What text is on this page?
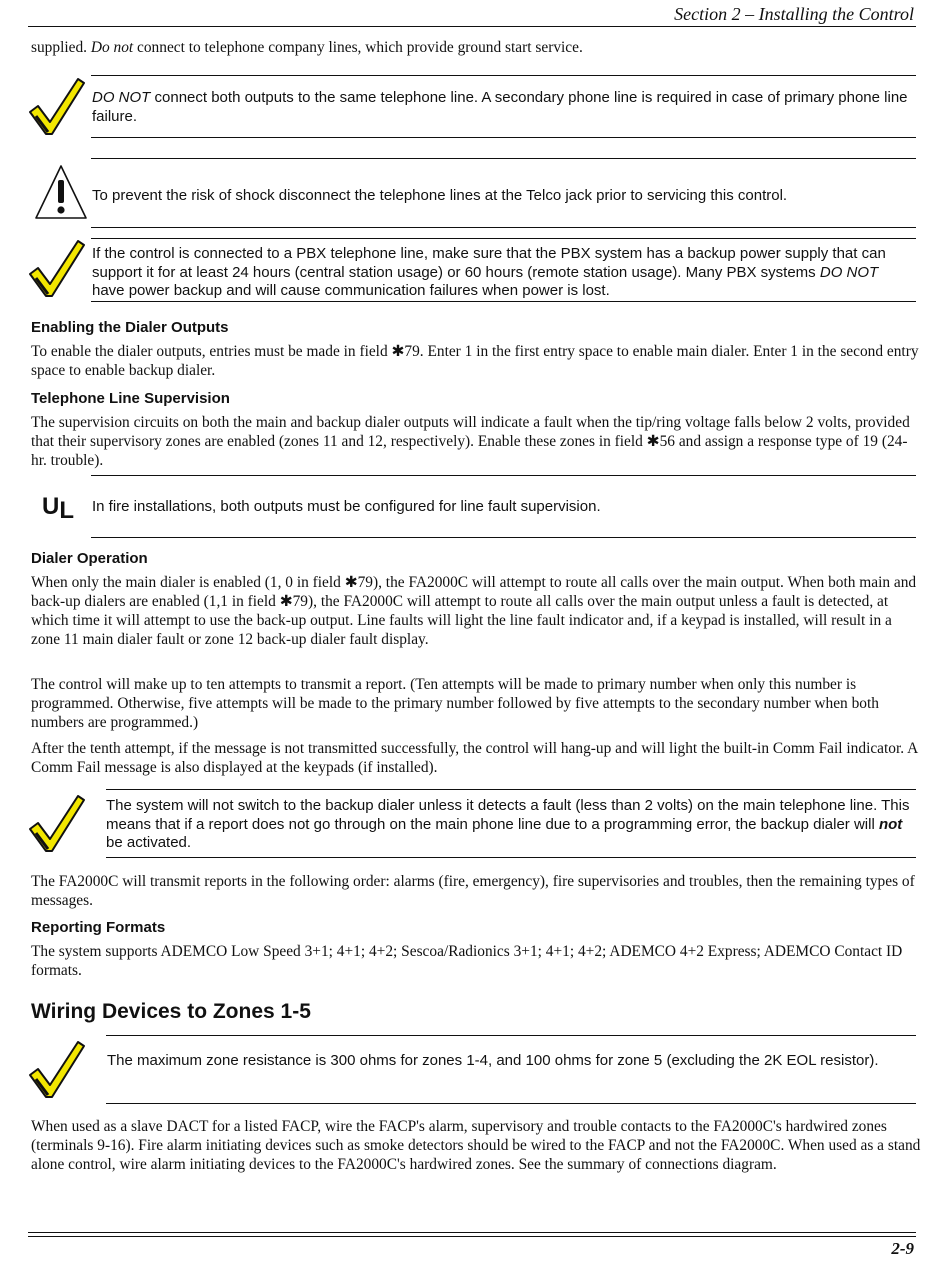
Section 2 – Installing the Control
supplied. Do not connect to telephone company lines, which provide ground start service.
DO NOT connect both outputs to the same telephone line. A secondary phone line is required in case of primary phone line failure.
To prevent the risk of shock disconnect the telephone lines at the Telco jack prior to servicing this control.
If the control is connected to a PBX telephone line, make sure that the PBX system has a backup power supply that can support it for at least 24 hours (central station usage) or 60 hours (remote station usage). Many PBX systems DO NOT have power backup and will cause communication failures when power is lost.
Enabling the Dialer Outputs
To enable the dialer outputs, entries must be made in field ✱79. Enter 1 in the first entry space to enable main dialer. Enter 1 in the second entry space to enable backup dialer.
Telephone Line Supervision
The supervision circuits on both the main and backup dialer outputs will indicate a fault when the tip/ring voltage falls below 2 volts, provided that their supervisory zones are enabled (zones 11 and 12, respectively). Enable these zones in field ✱56 and assign a response type of 19 (24-hr. trouble).
UL In fire installations, both outputs must be configured for line fault supervision.
Dialer Operation
When only the main dialer is enabled (1, 0 in field ✱79), the FA2000C will attempt to route all calls over the main output. When both main and back-up dialers are enabled (1,1 in field ✱79), the FA2000C will attempt to route all calls over the main output unless a fault is detected, at which time it will attempt to use the back-up output. Line faults will light the line fault indicator and, if a keypad is installed, will result in a zone 11 main dialer fault or zone 12 back-up dialer fault display.
The control will make up to ten attempts to transmit a report. (Ten attempts will be made to primary number when only this number is programmed. Otherwise, five attempts will be made to the primary number followed by five attempts to the secondary number when both numbers are programmed.)
After the tenth attempt, if the message is not transmitted successfully, the control will hang-up and will light the built-in Comm Fail indicator. A Comm Fail message is also displayed at the keypads (if installed).
The system will not switch to the backup dialer unless it detects a fault (less than 2 volts) on the main telephone line. This means that if a report does not go through on the main phone line due to a programming error, the backup dialer will not be activated.
The FA2000C will transmit reports in the following order: alarms (fire, emergency), fire supervisories and troubles, then the remaining types of messages.
Reporting Formats
The system supports ADEMCO Low Speed 3+1; 4+1; 4+2; Sescoa/Radionics 3+1; 4+1; 4+2; ADEMCO 4+2 Express; ADEMCO Contact ID formats.
Wiring Devices to Zones 1-5
The maximum zone resistance is 300 ohms for zones 1-4, and 100 ohms for zone 5 (excluding the 2K EOL resistor).
When used as a slave DACT for a listed FACP, wire the FACP's alarm, supervisory and trouble contacts to the FA2000C's hardwired zones (terminals 9-16). Fire alarm initiating devices such as smoke detectors should be wired to the FACP and not the FA2000C. When used as a stand alone control, wire alarm initiating devices to the FA2000C's hardwired zones. See the summary of connections diagram.
2-9
